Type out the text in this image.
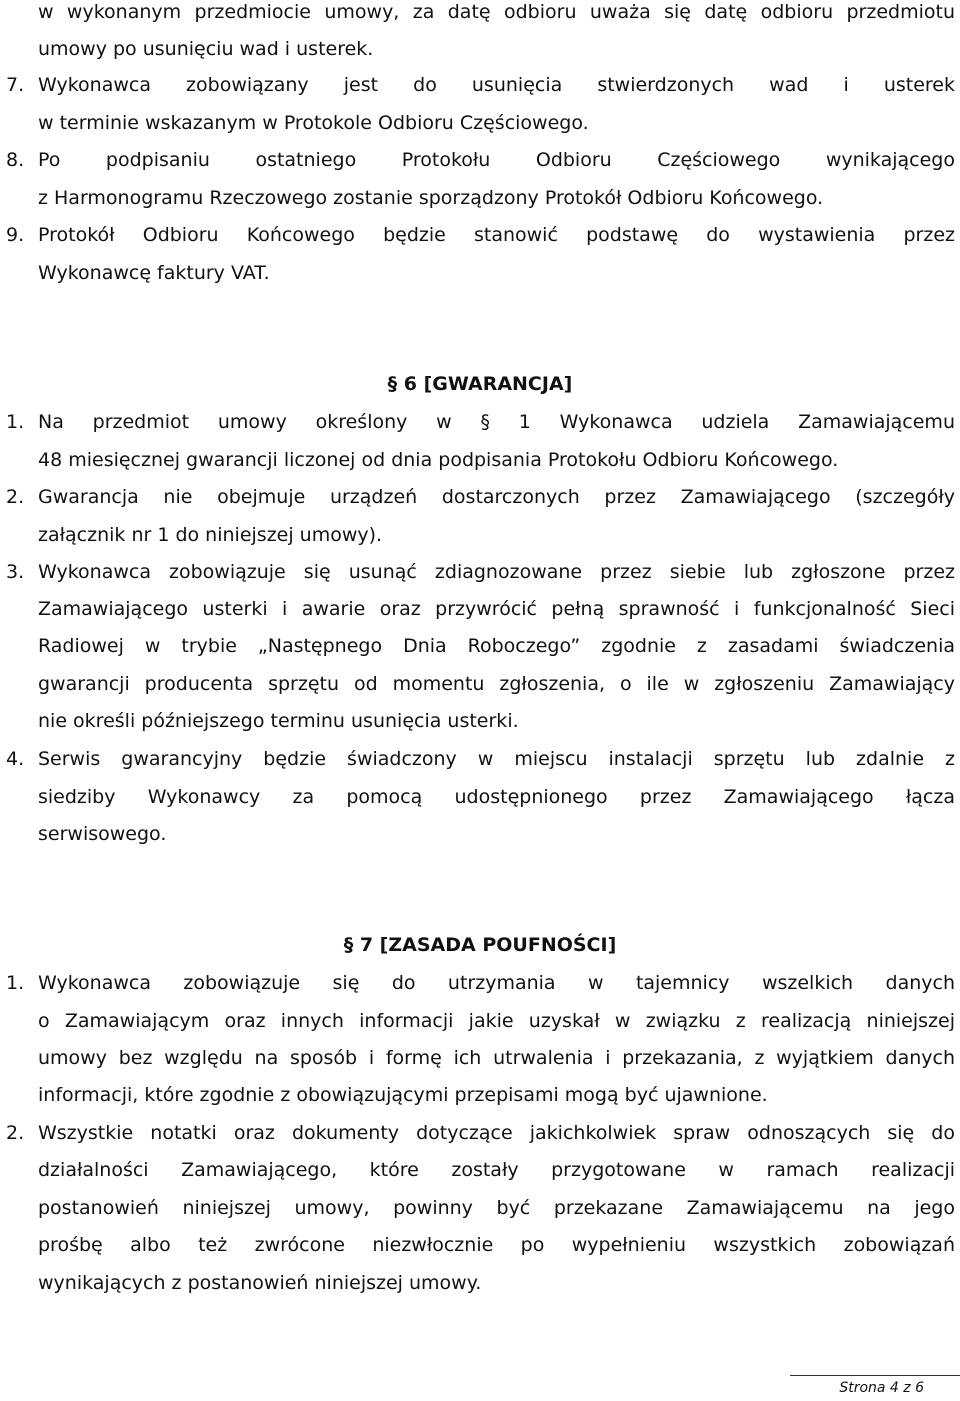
w wykonanym przedmiocie umowy, za datę odbioru uważa się datę odbioru przedmiotu
umowy po usunięciu wad i usterek.
7. Wykonawca zobowiązany jest do usunięcia stwierdzonych wad i usterek
w terminie wskazanym w Protokole Odbioru Częściowego.
8. Po podpisaniu ostatniego Protokołu Odbioru Częściowego wynikającego
z Harmonogramu Rzeczowego zostanie sporządzony Protokół Odbioru Końcowego.
9. Protokół Odbioru Końcowego będzie stanowić podstawę do wystawienia przez
Wykonawcę faktury VAT.
§ 6 [GWARANCJA]
1. Na przedmiot umowy określony w § 1 Wykonawca udziela Zamawiającemu
48 miesięcznej gwarancji liczonej od dnia podpisania Protokołu Odbioru Końcowego.
2. Gwarancja nie obejmuje urządzeń dostarczonych przez Zamawiającego (szczegóły
załącznik nr 1 do niniejszej umowy).
3. Wykonawca zobowiązuje się usunąć zdiagnozowane przez siebie lub zgłoszone przez
Zamawiającego usterki i awarie oraz przywrócić pełną sprawność i funkcjonalność Sieci
Radiowej w trybie „Następnego Dnia Roboczego” zgodnie z zasadami świadczenia
gwarancji producenta sprzętu od momentu zgłoszenia, o ile w zgłoszeniu Zamawiający
nie określi późniejszego terminu usunięcia usterki.
4. Serwis gwarancyjny będzie świadczony w miejscu instalacji sprzętu lub zdalnie z
siedziby Wykonawcy za pomocą udostępnionego przez Zamawiającego łącza
serwisowego.
§ 7 [ZASADA POUFNOŚCI]
1. Wykonawca zobowiązuje się do utrzymania w tajemnicy wszelkich danych
o Zamawiającym oraz innych informacji jakie uzyskał w związku z realizacją niniejszej
umowy bez względu na sposób i formę ich utrwalenia i przekazania, z wyjątkiem danych
informacji, które zgodnie z obowiązującymi przepisami mogą być ujawnione.
2. Wszystkie notatki oraz dokumenty dotyczące jakichkolwiek spraw odnoszących się do
działalności Zamawiającego, które zostały przygotowane w ramach realizacji
postanowień niniejszej umowy, powinny być przekazane Zamawiającemu na jego
prośbę albo też zwrócone niezwłocznie po wypełnieniu wszystkich zobowiązań
wynikających z postanowień niniejszej umowy.
Strona 4 z 6
